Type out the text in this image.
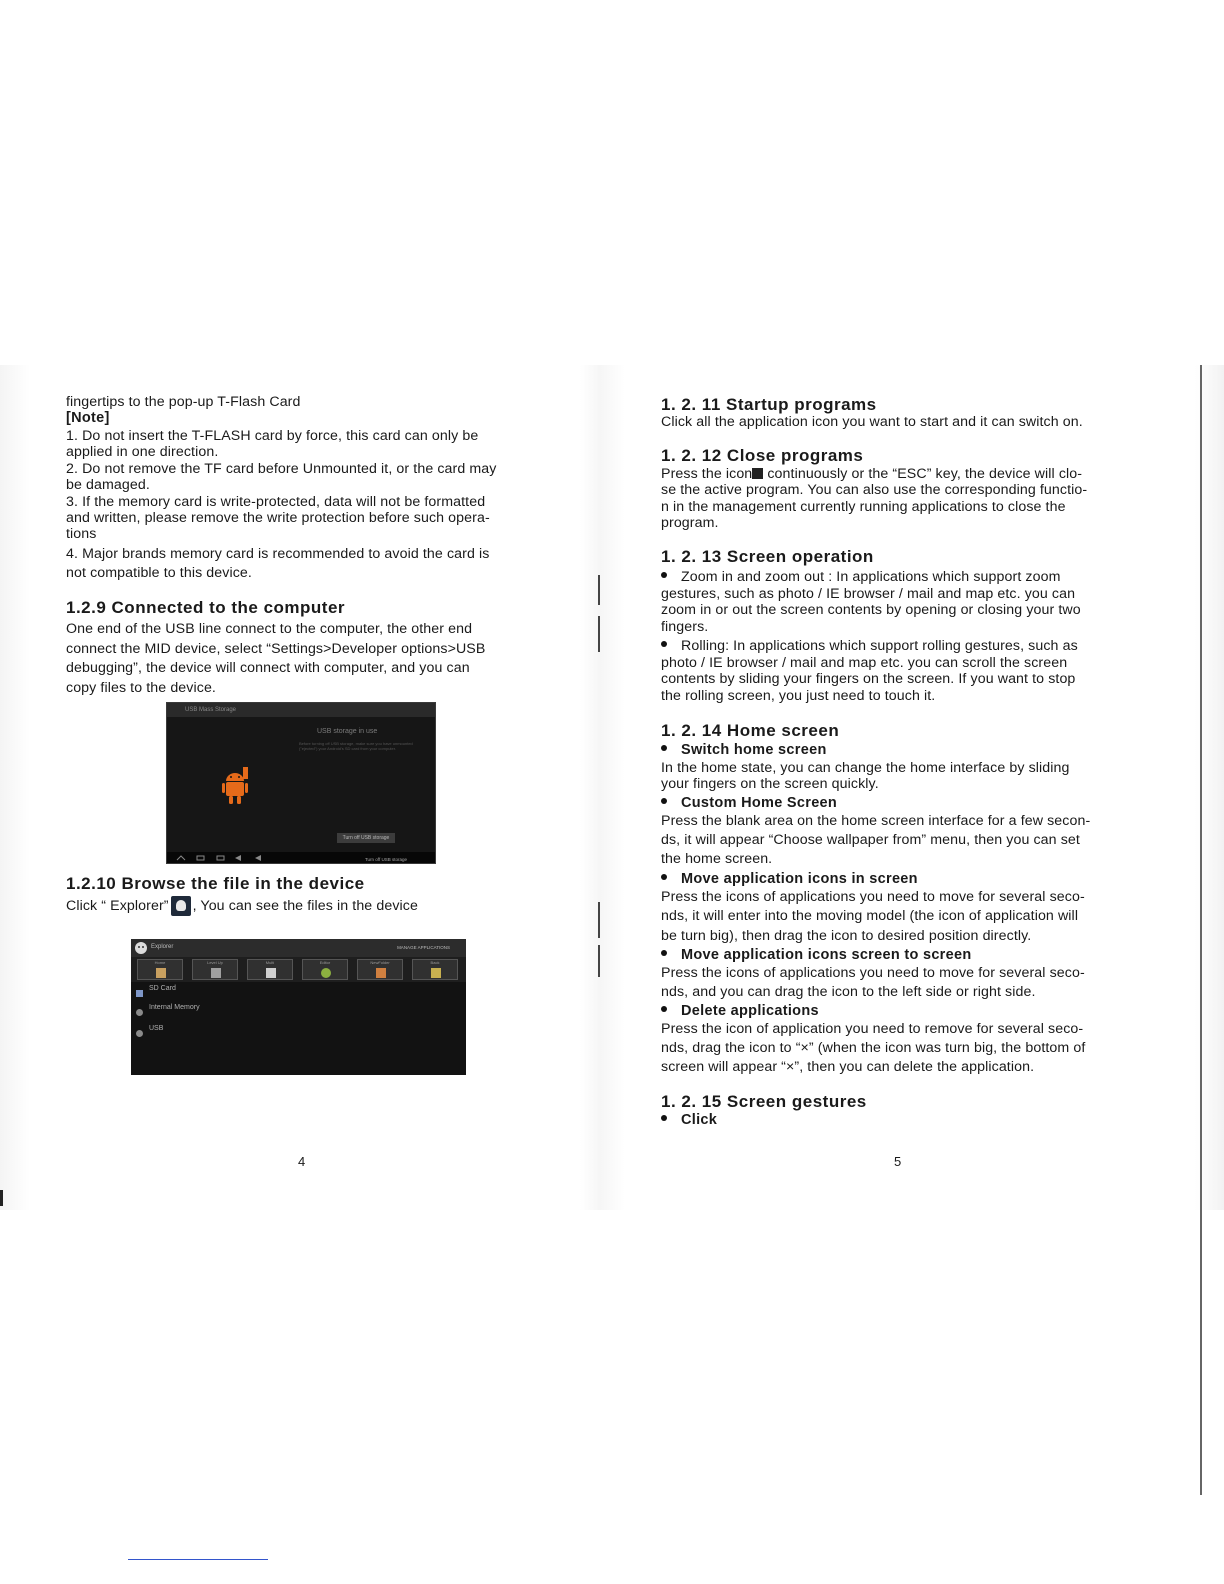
fingertips to the pop-up T-Flash Card
[Note]
1. Do not insert the T-FLASH card by force, this card can only be
applied in one direction.
2. Do not remove the TF card before Unmounted it, or the card may
be damaged.
3. If the memory card is write-protected, data will not be formatted
and written, please remove the write protection before such opera-
tions
4. Major brands memory card is recommended to avoid the card is
not compatible to this device.
1.2.9 Connected to the computer
One end of the USB line connect to the computer, the other end
connect the MID device, select “Settings>Developer options>USB
debugging”, the device will connect with computer, and you can
copy files to the device.
USB Mass Storage
USB storage in use
Before turning off USB storage, make sure you have unmounted ("ejected") your Android's SD card from your computer.
Turn off USB storage
Turn off USB storage
1.2.10 Browse the file in the device
Click “ Explorer” , You can see the files in the device
Explorer	MANAGE APPLICATIONS
Home	Level Up	Multi	Editor	NewFolder	Back
SD Card
Internal Memory
USB
4
1. 2. 11 Startup programs
Click all the application icon you want to start and it can switch on.
1. 2. 12 Close programs
Press the icon continuously or the “ESC” key, the device will clo-
se the active program. You can also use the corresponding functio-
n in the management currently running applications to close the
program.
1. 2. 13 Screen operation
Zoom in and zoom out : In applications which support zoom
gestures, such as photo / IE browser / mail and map etc. you can
zoom in or out the screen contents by opening or closing your two
fingers.
Rolling: In applications which support rolling gestures, such as
photo / IE browser / mail and map etc. you can scroll the screen
contents by sliding your fingers on the screen. If you want to stop
the rolling screen, you just need to touch it.
1. 2. 14 Home screen
Switch home screen
In the home state, you can change the home interface by sliding
your fingers on the screen quickly.
Custom Home Screen
Press the blank area on the home screen interface for a few secon-
ds, it will appear “Choose wallpaper from” menu, then you can set
the home screen.
Move application icons in screen
Press the icons of applications you need to move for several seco-
nds, it will enter into the moving model (the icon of application will
be turn big), then drag the icon to desired position directly.
Move application icons screen to screen
Press the icons of applications you need to move for several seco-
nds, and you can drag the icon to the left side or right side.
Delete applications
Press the icon of application you need to remove for several seco-
nds, drag the icon to “×” (when the icon was turn big, the bottom of
screen will appear “×”, then you can delete the application.
1. 2. 15 Screen gestures
Click
5
